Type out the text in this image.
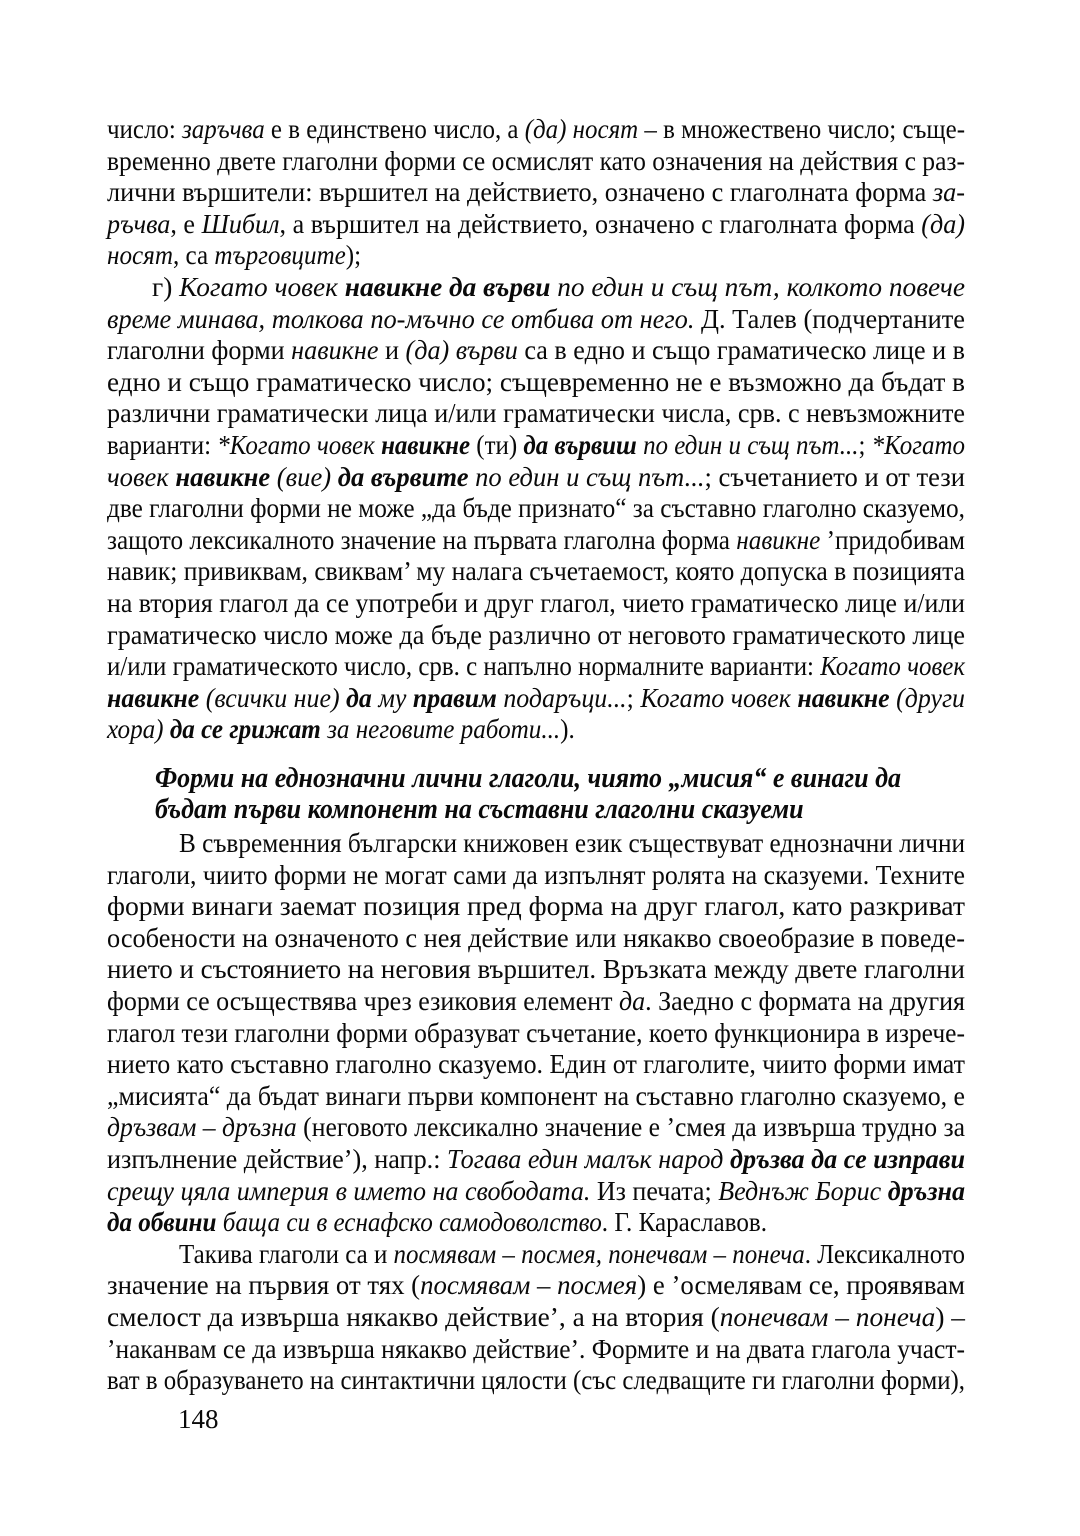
число: заръчва е в единствено число, а (да) носят – в множествено число; съще-
временно двете глаголни форми се осмислят като означения на действия с раз-
лични вършители: вършител на действието, означено с глаголната форма за-
ръчва, е Шибил, а вършител на действието, означено с глаголната форма (да)
носят, са търговците);
г) Когато човек навикне да върви по един и същ път, колкото повече
време минава, толкова по-мъчно се отбива от него. Д. Талев (подчертаните
глаголни форми навикне и (да) върви са в едно и също граматическо лице и в
едно и също граматическо число; същевременно не е възможно да бъдат в
различни граматически лица и/или граматически числа, срв. с невъзможните
варианти: *Когато човек навикне (ти) да вървиш по един и същ път...; *Когато
човек навикне (вие) да вървите по един и същ път...; съчетанието и от тези
две глаголни форми не може „да бъде признато“ за съставно глаголно сказуемо,
защото лексикалното значение на първата глаголна форма навикне ’придобивам
навик; привиквам, свиквам’ му налага съчетаемост, която допуска в позицията
на втория глагол да се употреби и друг глагол, чието граматическо лице и/или
граматическо число може да бъде различно от неговото граматическото лице
и/или граматическото число, срв. с напълно нормалните варианти: Когато човек
навикне (всички ние) да му правим подаръци...; Когато човек навикне (други
хора) да се грижат за неговите работи...).
Форми на еднозначни лични глаголи, чиято „мисия“ е винаги да
бъдат първи компонент на съставни глаголни сказуеми
В съвременния български книжовен език съществуват еднозначни лични
глаголи, чиито форми не могат сами да изпълнят ролята на сказуеми. Техните
форми винаги заемат позиция пред форма на друг глагол, като разкриват
особености на означеното с нея действие или някакво своеобразие в поведе-
нието и състоянието на неговия вършител. Връзката между двете глаголни
форми се осъществява чрез езиковия елемент да. Заедно с формата на другия
глагол тези глаголни форми образуват съчетание, което функционира в изрече-
нието като съставно глаголно сказуемо. Един от глаголите, чиито форми имат
„мисията“ да бъдат винаги първи компонент на съставно глаголно сказуемо, е
дръзвам – дръзна (неговото лексикално значение е ’смея да извърша трудно за
изпълнение действие’), напр.: Тогава един малък народ дръзва да се изправи
срещу цяла империя в името на свободата. Из печата; Веднъж Борис дръзна
да обвини баща си в еснафско самодоволство. Г. Караславов.
Такива глаголи са и посмявам – посмея, понечвам – понеча. Лексикалното
значение на първия от тях (посмявам – посмея) е ’осмелявам се, проявявам
смелост да извърша някакво действие’, а на втория (понечвам – понеча) –
’наканвам се да извърша някакво действие’. Формите и на двата глагола участ-
ват в образуването на синтактични цялости (със следващите ги глаголни форми),
148
